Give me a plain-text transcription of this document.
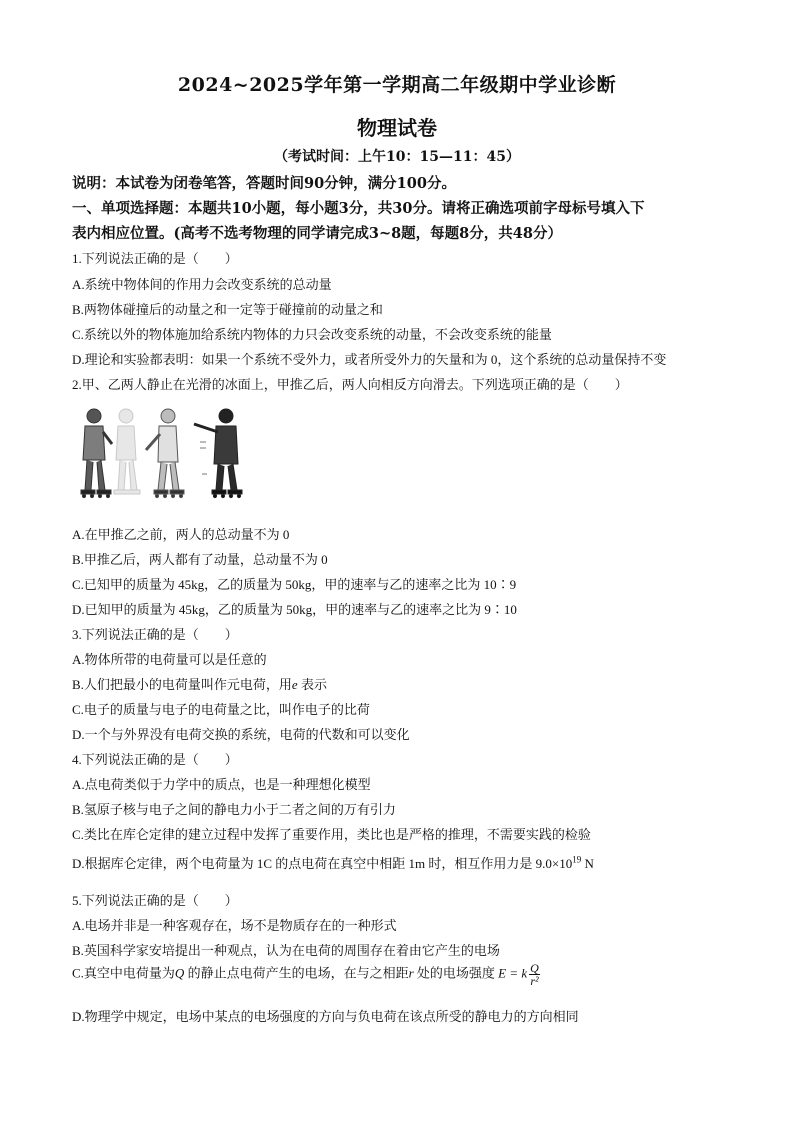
2024~2025学年第一学期高二年级期中学业诊断
物理试卷
（考试时间：上午10：15—11：45）
说明：本试卷为闭卷笔答，答题时间90分钟，满分100分。
一、单项选择题：本题共10小题，每小题3分，共30分。请将正确选项前字母标号填入下
表内相应位置。(高考不选考物理的同学请完成3~8题，每题8分，共48分）
1.下列说法正确的是（　　）
A.系统中物体间的作用力会改变系统的总动量
B.两物体碰撞后的动量之和一定等于碰撞前的动量之和
C.系统以外的物体施加给系统内物体的力只会改变系统的动量，不会改变系统的能量
D.理论和实验都表明：如果一个系统不受外力，或者所受外力的矢量和为 0，这个系统的总动量保持不变
2.甲、乙两人静止在光滑的冰面上，甲推乙后，两人向相反方向滑去。下列选项正确的是（　　）
A.在甲推乙之前，两人的总动量不为 0
B.甲推乙后，两人都有了动量，总动量不为 0
C.已知甲的质量为 45kg，乙的质量为 50kg，甲的速率与乙的速率之比为 10∶9
D.已知甲的质量为 45kg，乙的质量为 50kg，甲的速率与乙的速率之比为 9∶10
3.下列说法正确的是（　　）
A.物体所带的电荷量可以是任意的
B.人们把最小的电荷量叫作元电荷，用e 表示
C.电子的质量与电子的电荷量之比，叫作电子的比荷
D.一个与外界没有电荷交换的系统，电荷的代数和可以变化
4.下列说法正确的是（　　）
A.点电荷类似于力学中的质点，也是一种理想化模型
B.氢原子核与电子之间的静电力小于二者之间的万有引力
C.类比在库仑定律的建立过程中发挥了重要作用，类比也是严格的推理，不需要实践的检验
D.根据库仑定律，两个电荷量为 1C 的点电荷在真空中相距 1m 时，相互作用力是 $9.0\times 10^{19}$ N
5.下列说法正确的是（　　）
A.电场并非是一种客观存在，场不是物质存在的一种形式
B.英国科学家安培提出一种观点，认为在电荷的周围存在着由它产生的电场
C.真空中电荷量为Q 的静止点电荷产生的电场，在与之相距r 处的电场强度 E = k $\frac{Q}{\text{r²}}$
D.物理学中规定，电场中某点的电场强度的方向与负电荷在该点所受的静电力的方向相同
